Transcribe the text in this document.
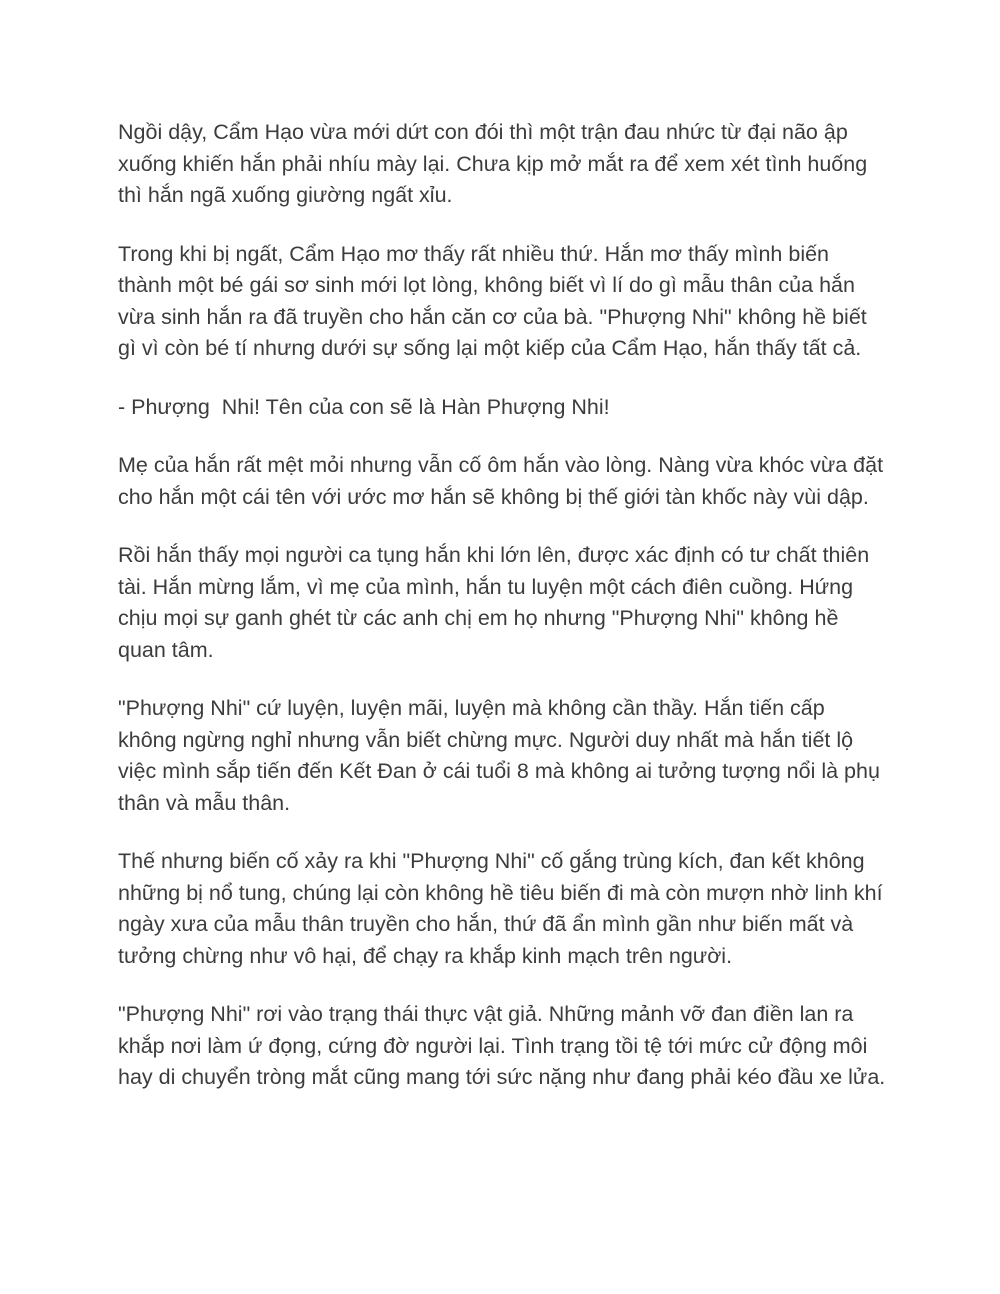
Ngồi dậy, Cẩm Hạo vừa mới dứt con đói thì một trận đau nhức từ đại não ập xuống khiến hắn phải nhíu mày lại. Chưa kịp mở mắt ra để xem xét tình huống thì hắn ngã xuống giường ngất xỉu.

Trong khi bị ngất, Cẩm Hạo mơ thấy rất nhiều thứ. Hắn mơ thấy mình biến thành một bé gái sơ sinh mới lọt lòng, không biết vì lí do gì mẫu thân của hắn vừa sinh hắn ra đã truyền cho hắn căn cơ của bà. "Phượng Nhi" không hề biết gì vì còn bé tí nhưng dưới sự sống lại một kiếp của Cẩm Hạo, hắn thấy tất cả.

- Phượng  Nhi! Tên của con sẽ là Hàn Phượng Nhi!

Mẹ của hắn rất mệt mỏi nhưng vẫn cố ôm hắn vào lòng. Nàng vừa khóc vừa đặt cho hắn một cái tên với ước mơ hắn sẽ không bị thế giới tàn khốc này vùi dập.

Rồi hắn thấy mọi người ca tụng hắn khi lớn lên, được xác định có tư chất thiên tài. Hắn mừng lắm, vì mẹ của mình, hắn tu luyện một cách điên cuồng. Hứng chịu mọi sự ganh ghét từ các anh chị em họ nhưng "Phượng Nhi" không hề quan tâm.

"Phượng Nhi" cứ luyện, luyện mãi, luyện mà không cần thầy. Hắn tiến cấp không ngừng nghỉ nhưng vẫn biết chừng mực. Người duy nhất mà hắn tiết lộ việc mình sắp tiến đến Kết Đan ở cái tuổi 8 mà không ai tưởng tượng nổi là phụ thân và mẫu thân.

Thế nhưng biến cố xảy ra khi "Phượng Nhi" cố gắng trùng kích, đan kết không những bị nổ tung, chúng lại còn không hề tiêu biến đi mà còn mượn nhờ linh khí ngày xưa của mẫu thân truyền cho hắn, thứ đã ẩn mình gần như biến mất và tưởng chừng như vô hại, để chạy ra khắp kinh mạch trên người.

"Phượng Nhi" rơi vào trạng thái thực vật giả. Những mảnh vỡ đan điền lan ra khắp nơi làm ứ đọng, cứng đờ người lại. Tình trạng tồi tệ tới mức cử động môi hay di chuyển tròng mắt cũng mang tới sức nặng như đang phải kéo đầu xe lửa.
